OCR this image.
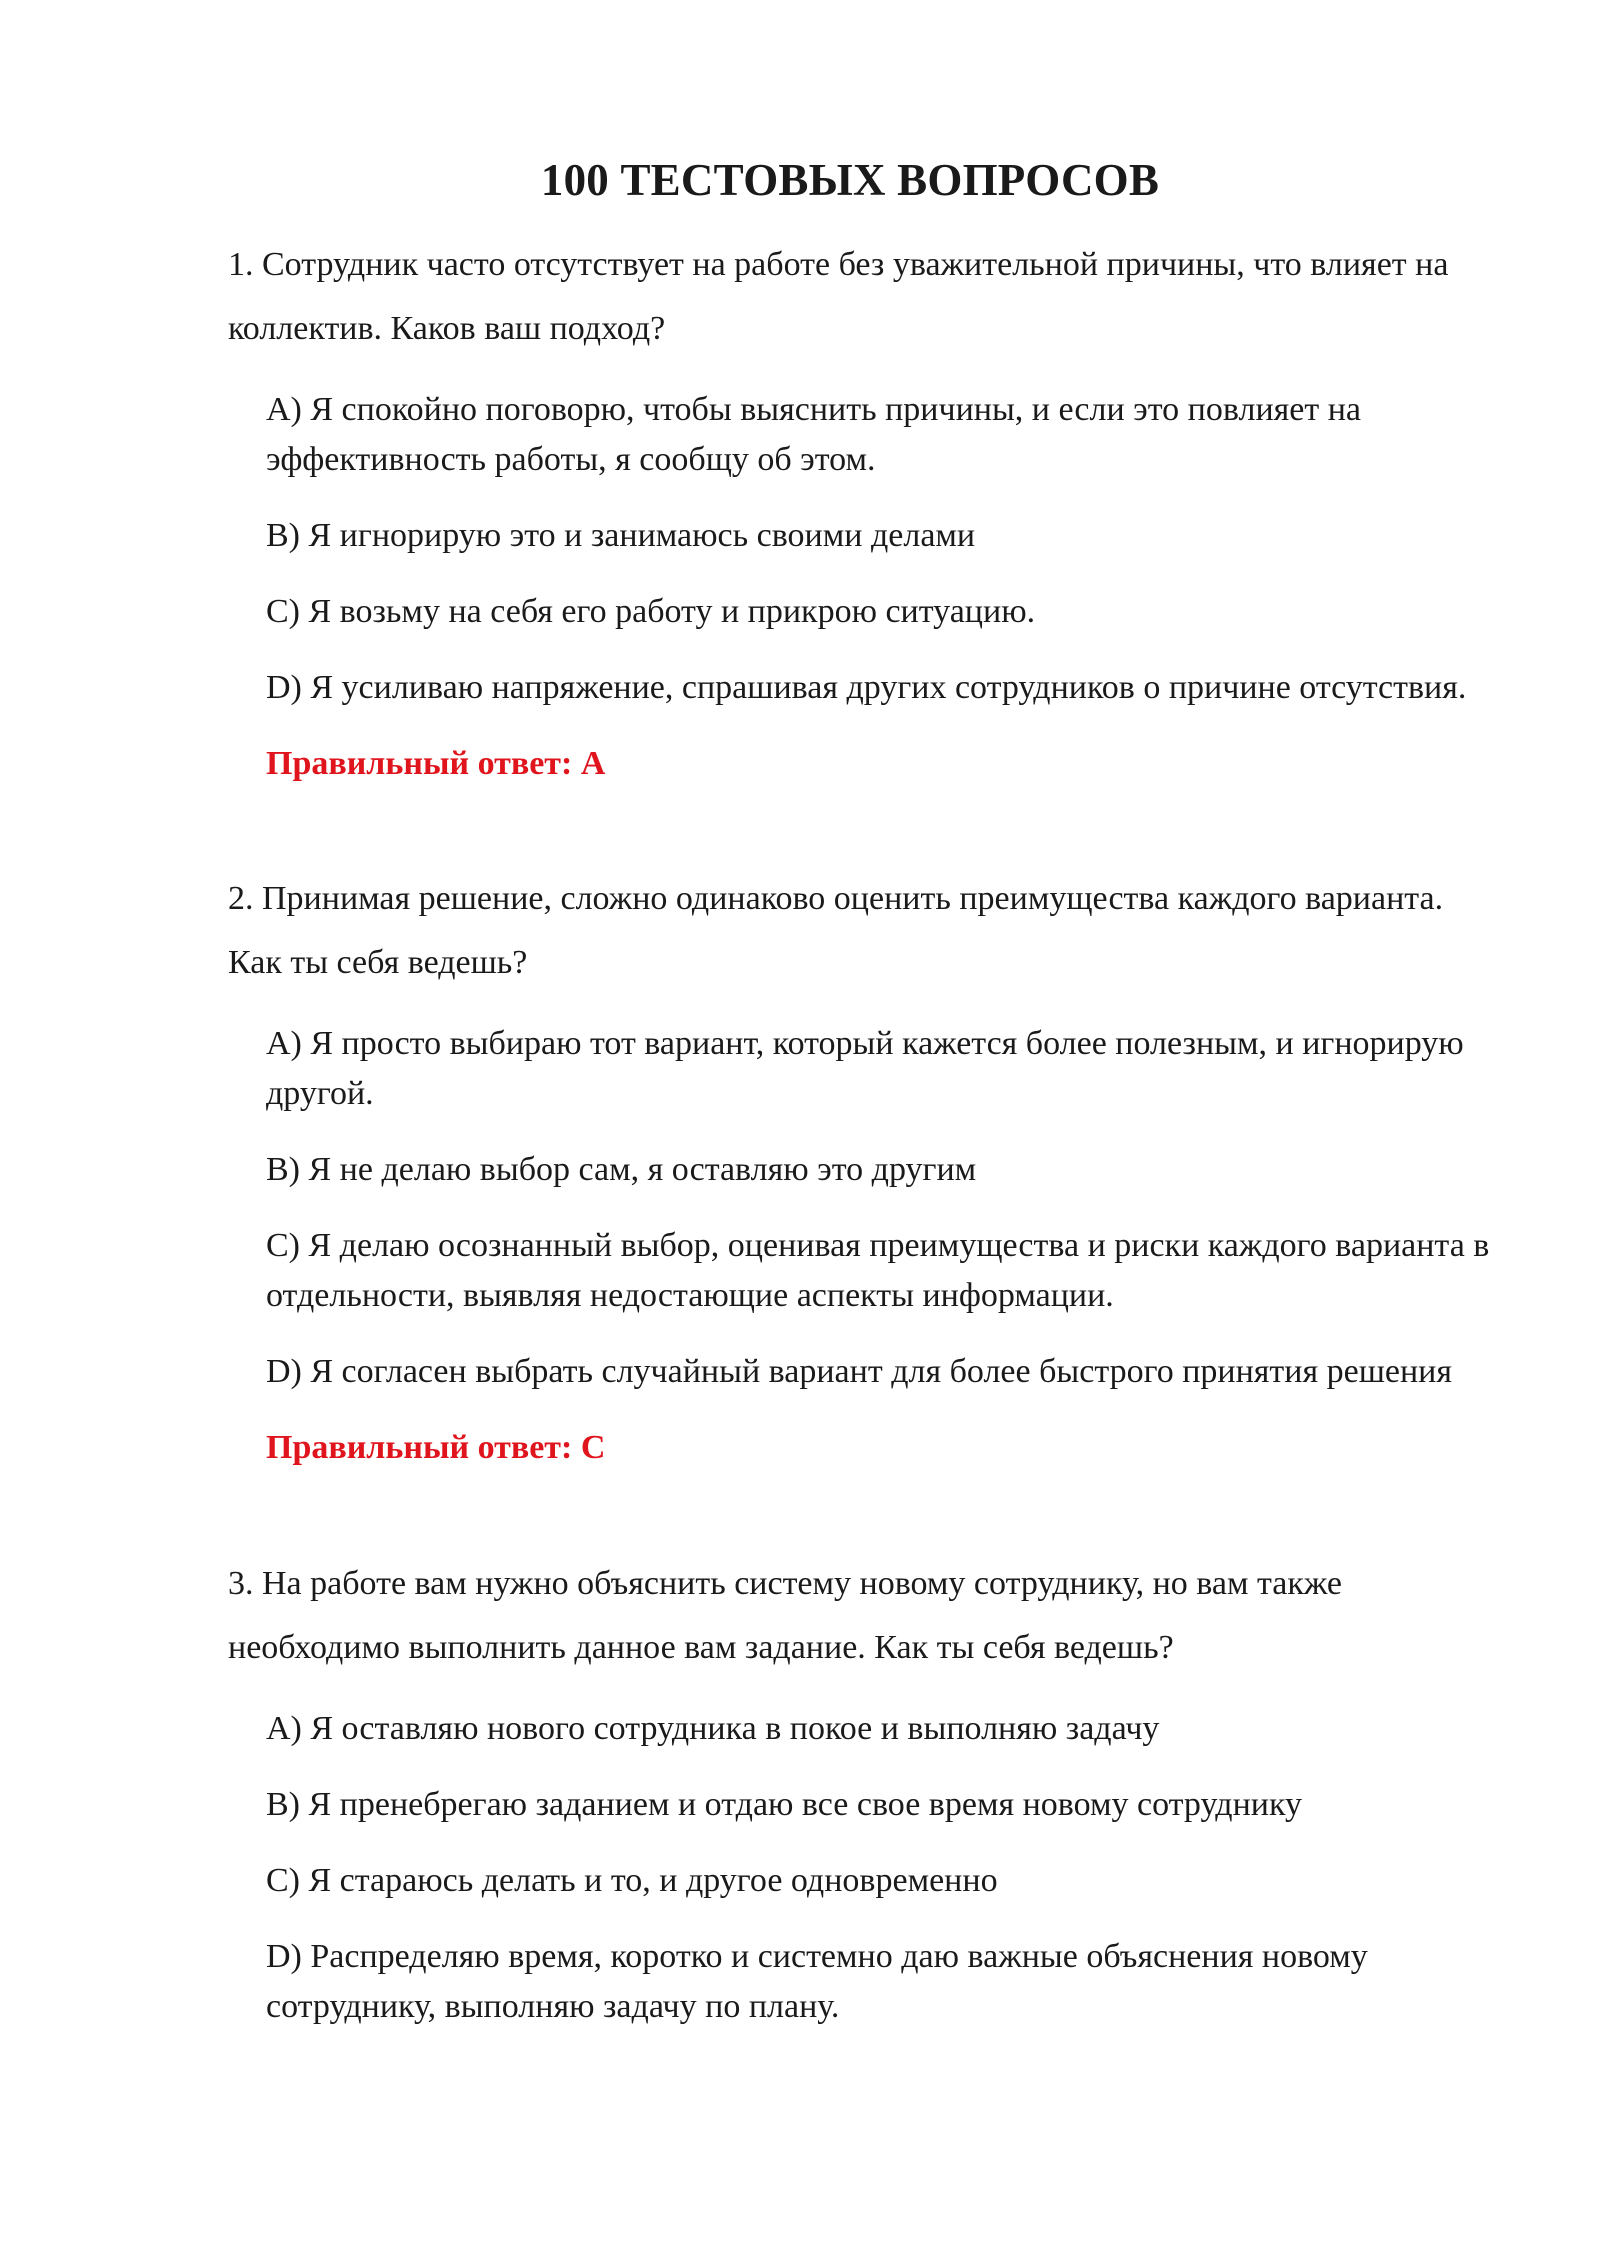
100 ТЕСТОВЫХ ВОПРОСОВ

1. Сотрудник часто отсутствует на работе без уважительной причины, что влияет на коллектив. Каков ваш подход?

A) Я спокойно поговорю, чтобы выяснить причины, и если это повлияет на эффективность работы, я сообщу об этом.
B) Я игнорирую это и занимаюсь своими делами
C) Я возьму на себя его работу и прикрою ситуацию.
D) Я усиливаю напряжение, спрашивая других сотрудников о причине отсутствия.

Правильный ответ: A

2. Принимая решение, сложно одинаково оценить преимущества каждого варианта. Как ты себя ведешь?

A) Я просто выбираю тот вариант, который кажется более полезным, и игнорирую другой.
B) Я не делаю выбор сам, я оставляю это другим
C) Я делаю осознанный выбор, оценивая преимущества и риски каждого варианта в отдельности, выявляя недостающие аспекты информации.
D) Я согласен выбрать случайный вариант для более быстрого принятия решения

Правильный ответ: C

3. На работе вам нужно объяснить систему новому сотруднику, но вам также необходимо выполнить данное вам задание. Как ты себя ведешь?

A) Я оставляю нового сотрудника в покое и выполняю задачу
B) Я пренебрегаю заданием и отдаю все свое время новому сотруднику
C) Я стараюсь делать и то, и другое одновременно
D) Распределяю время, коротко и системно даю важные объяснения новому сотруднику, выполняю задачу по плану.
